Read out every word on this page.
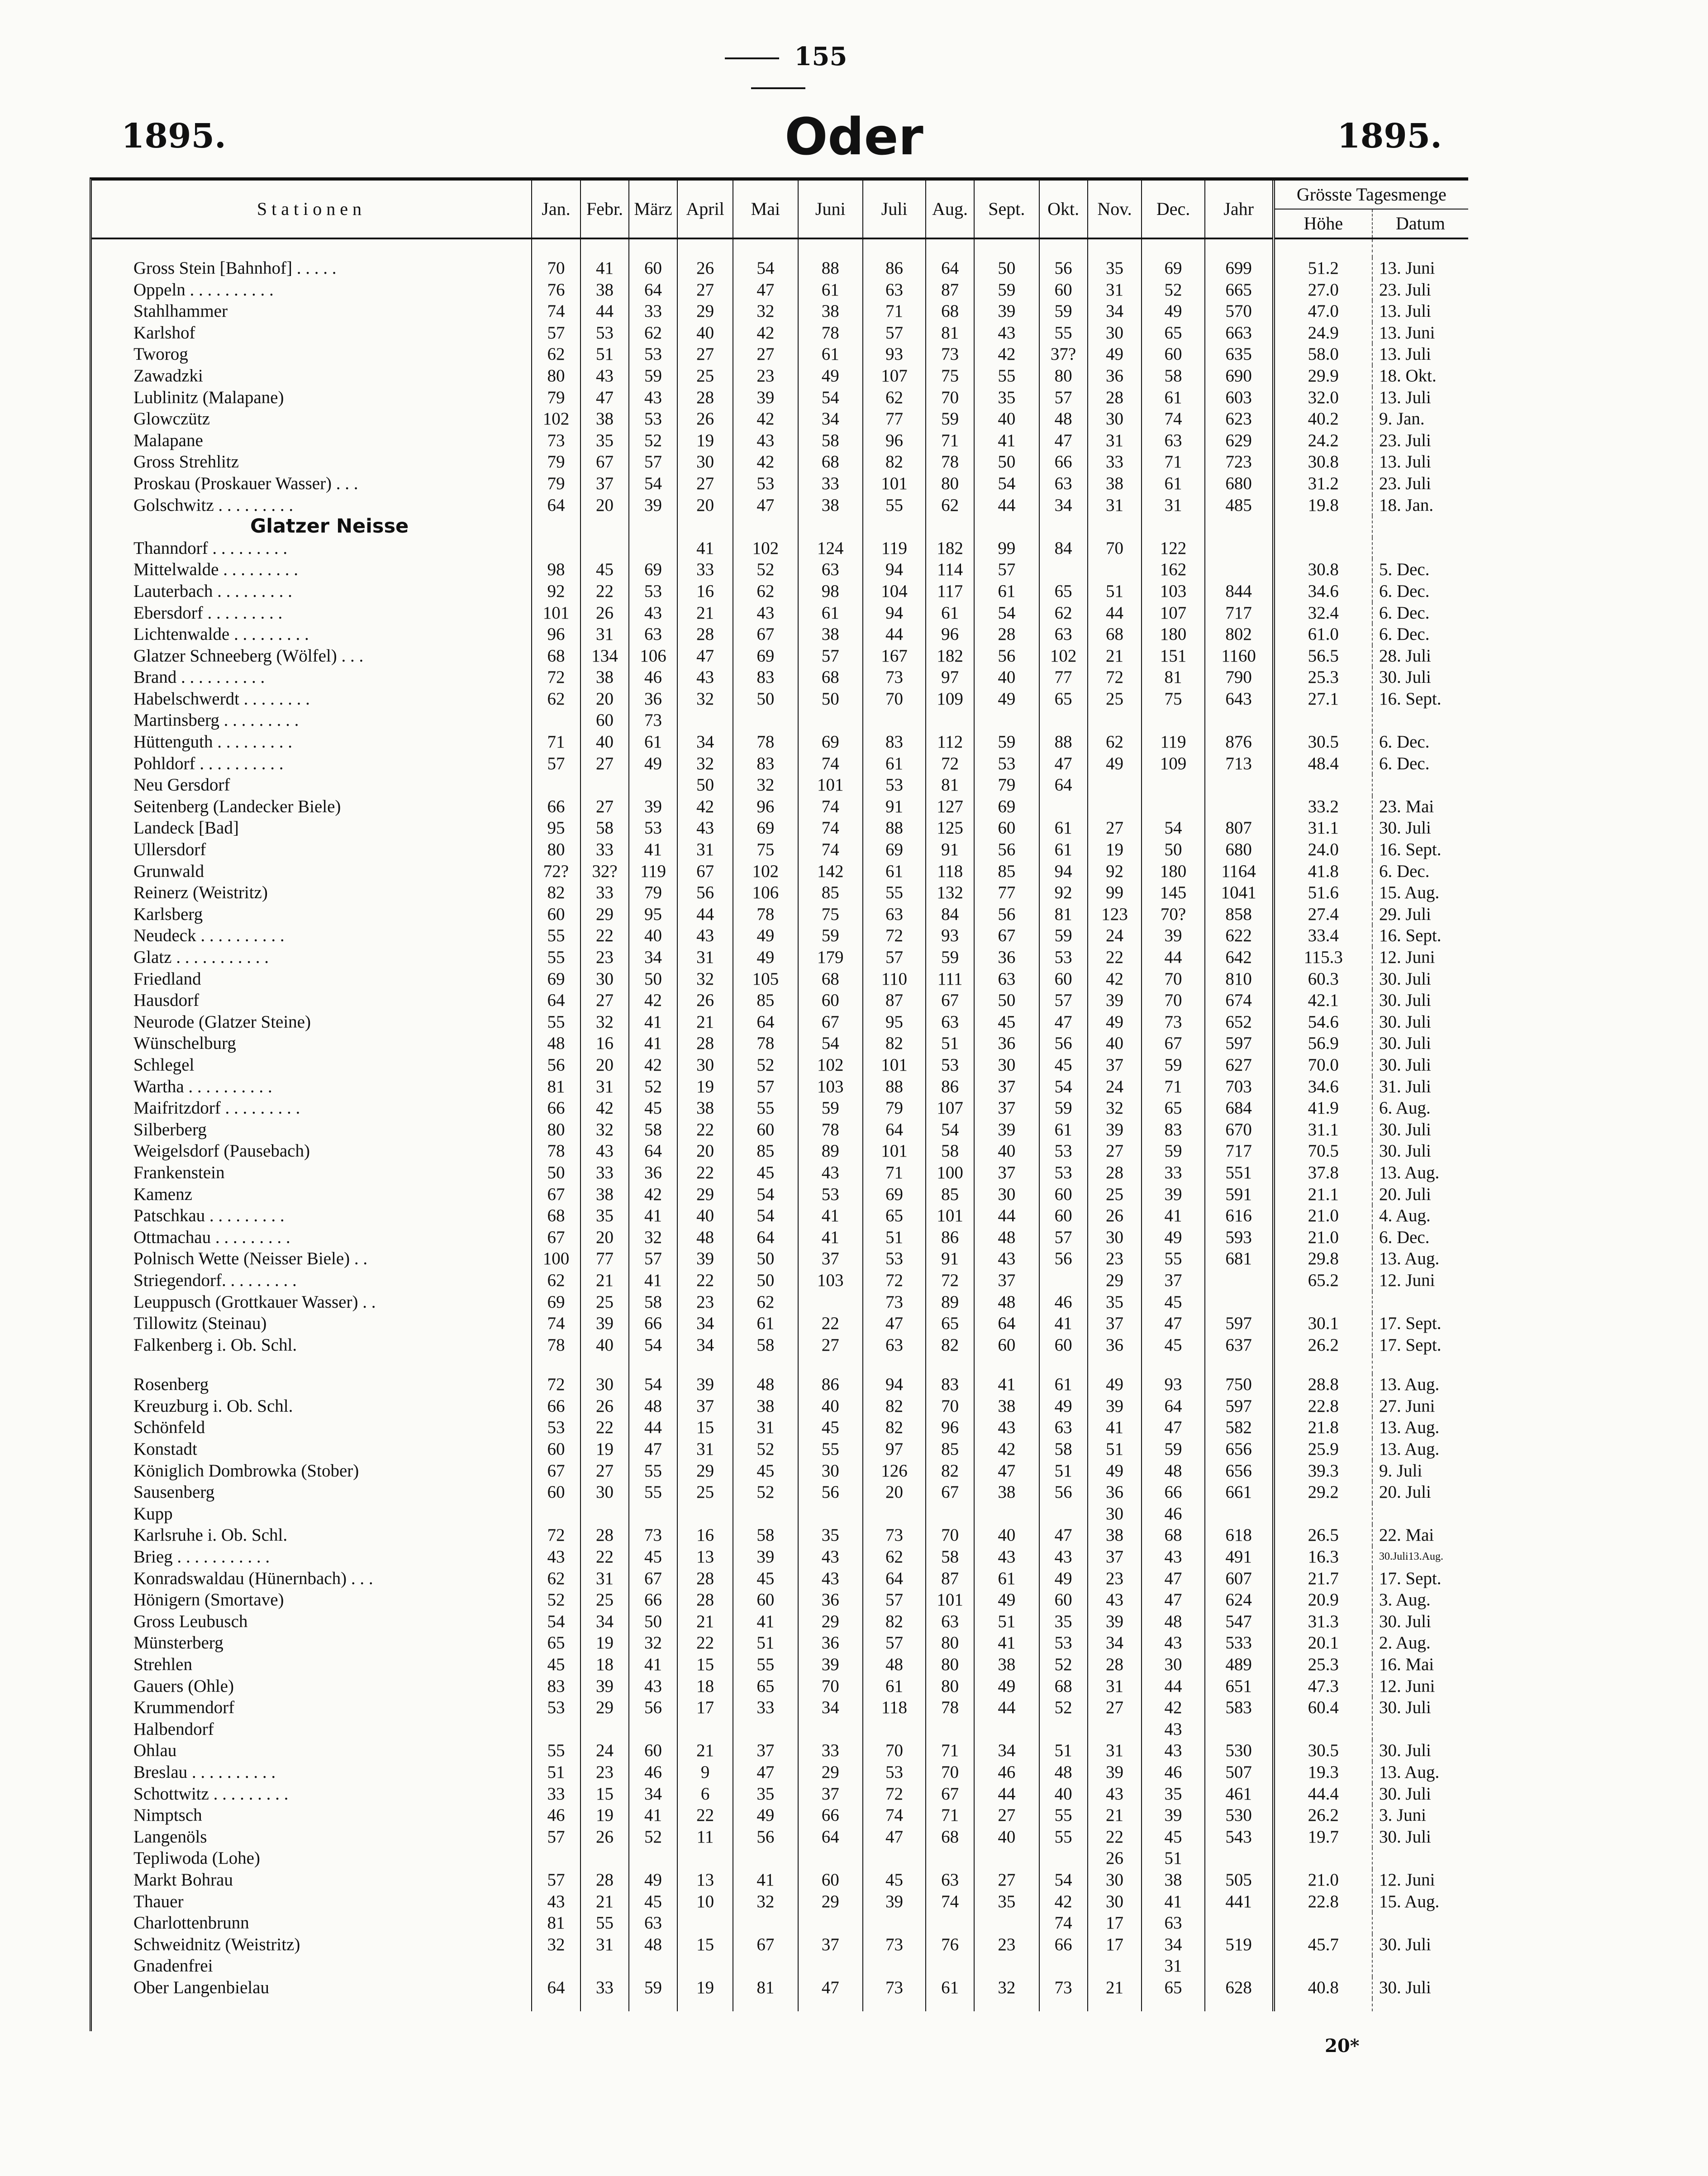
155
1895.	Oder	1895.
Stationen	Jan.	Febr.	März	April	Mai	Juni	Juli	Aug.	Sept.	Okt.	Nov.	Dec.	Jahr	Grösste Tagesmenge	
														Höhe	Datum

Gross Stein [Bahnhof] . . . . .	70	41	60	26	54	88	86	64	50	56	35	69	699	51.2	13. Juni
Oppeln . . . . . . . . . .	76	38	64	27	47	61	63	87	59	60	31	52	665	27.0	23. Juli
Stahlhammer	74	44	33	29	32	38	71	68	39	59	34	49	570	47.0	13. Juli
Karlshof	57	53	62	40	42	78	57	81	43	55	30	65	663	24.9	13. Juni
Tworog	62	51	53	27	27	61	93	73	42	37?	49	60	635	58.0	13. Juli
Zawadzki	80	43	59	25	23	49	107	75	55	80	36	58	690	29.9	18. Okt.
Lublinitz (Malapane)	79	47	43	28	39	54	62	70	35	57	28	61	603	32.0	13. Juli
Glowczütz	102	38	53	26	42	34	77	59	40	48	30	74	623	40.2	9. Jan.
Malapane	73	35	52	19	43	58	96	71	41	47	31	63	629	24.2	23. Juli
Gross Strehlitz	79	67	57	30	42	68	82	78	50	66	33	71	723	30.8	13. Juli
Proskau (Proskauer Wasser) . . .	79	37	54	27	53	33	101	80	54	63	38	61	680	31.2	23. Juli
Golschwitz . . . . . . . . .	64	20	39	20	47	38	55	62	44	34	31	31	485	19.8	18. Jan.
Glatzer Neisse															
Thanndorf . . . . . . . . .				41	102	124	119	182	99	84	70	122			
Mittelwalde . . . . . . . . .	98	45	69	33	52	63	94	114	57			162		30.8	5. Dec.
Lauterbach . . . . . . . . .	92	22	53	16	62	98	104	117	61	65	51	103	844	34.6	6. Dec.
Ebersdorf . . . . . . . . .	101	26	43	21	43	61	94	61	54	62	44	107	717	32.4	6. Dec.
Lichtenwalde . . . . . . . . .	96	31	63	28	67	38	44	96	28	63	68	180	802	61.0	6. Dec.
Glatzer Schneeberg (Wölfel) . . .	68	134	106	47	69	57	167	182	56	102	21	151	1160	56.5	28. Juli
Brand . . . . . . . . . .	72	38	46	43	83	68	73	97	40	77	72	81	790	25.3	30. Juli
Habelschwerdt . . . . . . . .	62	20	36	32	50	50	70	109	49	65	25	75	643	27.1	16. Sept.
Martinsberg . . . . . . . . .		60	73												
Hüttenguth . . . . . . . . .	71	40	61	34	78	69	83	112	59	88	62	119	876	30.5	6. Dec.
Pohldorf . . . . . . . . . .	57	27	49	32	83	74	61	72	53	47	49	109	713	48.4	6. Dec.
Neu Gersdorf				50	32	101	53	81	79	64					
Seitenberg (Landecker Biele)	66	27	39	42	96	74	91	127	69					33.2	23. Mai
Landeck [Bad]	95	58	53	43	69	74	88	125	60	61	27	54	807	31.1	30. Juli
Ullersdorf	80	33	41	31	75	74	69	91	56	61	19	50	680	24.0	16. Sept.
Grunwald	72?	32?	119	67	102	142	61	118	85	94	92	180	1164	41.8	6. Dec.
Reinerz (Weistritz)	82	33	79	56	106	85	55	132	77	92	99	145	1041	51.6	15. Aug.
Karlsberg	60	29	95	44	78	75	63	84	56	81	123	70?	858	27.4	29. Juli
Neudeck . . . . . . . . . .	55	22	40	43	49	59	72	93	67	59	24	39	622	33.4	16. Sept.
Glatz . . . . . . . . . . .	55	23	34	31	49	179	57	59	36	53	22	44	642	115.3	12. Juni
Friedland	69	30	50	32	105	68	110	111	63	60	42	70	810	60.3	30. Juli
Hausdorf	64	27	42	26	85	60	87	67	50	57	39	70	674	42.1	30. Juli
Neurode (Glatzer Steine)	55	32	41	21	64	67	95	63	45	47	49	73	652	54.6	30. Juli
Wünschelburg	48	16	41	28	78	54	82	51	36	56	40	67	597	56.9	30. Juli
Schlegel	56	20	42	30	52	102	101	53	30	45	37	59	627	70.0	30. Juli
Wartha . . . . . . . . . .	81	31	52	19	57	103	88	86	37	54	24	71	703	34.6	31. Juli
Maifritzdorf . . . . . . . . .	66	42	45	38	55	59	79	107	37	59	32	65	684	41.9	6. Aug.
Silberberg	80	32	58	22	60	78	64	54	39	61	39	83	670	31.1	30. Juli
Weigelsdorf (Pausebach)	78	43	64	20	85	89	101	58	40	53	27	59	717	70.5	30. Juli
Frankenstein	50	33	36	22	45	43	71	100	37	53	28	33	551	37.8	13. Aug.
Kamenz	67	38	42	29	54	53	69	85	30	60	25	39	591	21.1	20. Juli
Patschkau . . . . . . . . .	68	35	41	40	54	41	65	101	44	60	26	41	616	21.0	4. Aug.
Ottmachau . . . . . . . . .	67	20	32	48	64	41	51	86	48	57	30	49	593	21.0	6. Dec.
Polnisch Wette (Neisser Biele) . .	100	77	57	39	50	37	53	91	43	56	23	55	681	29.8	13. Aug.
Striegendorf. . . . . . . . .	62	21	41	22	50	103	72	72	37		29	37		65.2	12. Juni
Leuppusch (Grottkauer Wasser) . .	69	25	58	23	62		73	89	48	46	35	45			
Tillowitz (Steinau)	74	39	66	34	61	22	47	65	64	41	37	47	597	30.1	17. Sept.
Falkenberg i. Ob. Schl.	78	40	54	34	58	27	63	82	60	60	36	45	637	26.2	17. Sept.

Rosenberg	72	30	54	39	48	86	94	83	41	61	49	93	750	28.8	13. Aug.
Kreuzburg i. Ob. Schl.	66	26	48	37	38	40	82	70	38	49	39	64	597	22.8	27. Juni
Schönfeld	53	22	44	15	31	45	82	96	43	63	41	47	582	21.8	13. Aug.
Konstadt	60	19	47	31	52	55	97	85	42	58	51	59	656	25.9	13. Aug.
Königlich Dombrowka (Stober)	67	27	55	29	45	30	126	82	47	51	49	48	656	39.3	9. Juli
Sausenberg	60	30	55	25	52	56	20	67	38	56	36	66	661	29.2	20. Juli
Kupp											30	46			
Karlsruhe i. Ob. Schl.	72	28	73	16	58	35	73	70	40	47	38	68	618	26.5	22. Mai
Brieg . . . . . . . . . . .	43	22	45	13	39	43	62	58	43	43	37	43	491	16.3	30.Juli13.Aug.
Konradswaldau (Hünernbach) . . .	62	31	67	28	45	43	64	87	61	49	23	47	607	21.7	17. Sept.
Hönigern (Smortave)	52	25	66	28	60	36	57	101	49	60	43	47	624	20.9	3. Aug.
Gross Leubusch	54	34	50	21	41	29	82	63	51	35	39	48	547	31.3	30. Juli
Münsterberg	65	19	32	22	51	36	57	80	41	53	34	43	533	20.1	2. Aug.
Strehlen	45	18	41	15	55	39	48	80	38	52	28	30	489	25.3	16. Mai
Gauers (Ohle)	83	39	43	18	65	70	61	80	49	68	31	44	651	47.3	12. Juni
Krummendorf	53	29	56	17	33	34	118	78	44	52	27	42	583	60.4	30. Juli
Halbendorf												43			
Ohlau	55	24	60	21	37	33	70	71	34	51	31	43	530	30.5	30. Juli
Breslau . . . . . . . . . .	51	23	46	9	47	29	53	70	46	48	39	46	507	19.3	13. Aug.
Schottwitz . . . . . . . . .	33	15	34	6	35	37	72	67	44	40	43	35	461	44.4	30. Juli
Nimptsch	46	19	41	22	49	66	74	71	27	55	21	39	530	26.2	3. Juni
Langenöls	57	26	52	11	56	64	47	68	40	55	22	45	543	19.7	30. Juli
Tepliwoda (Lohe)											26	51			
Markt Bohrau	57	28	49	13	41	60	45	63	27	54	30	38	505	21.0	12. Juni
Thauer	43	21	45	10	32	29	39	74	35	42	30	41	441	22.8	15. Aug.
Charlottenbrunn	81	55	63							74	17	63			
Schweidnitz (Weistritz)	32	31	48	15	67	37	73	76	23	66	17	34	519	45.7	30. Juli
Gnadenfrei												31			
Ober Langenbielau	64	33	59	19	81	47	73	61	32	73	21	65	628	40.8	30. Juli

20*
